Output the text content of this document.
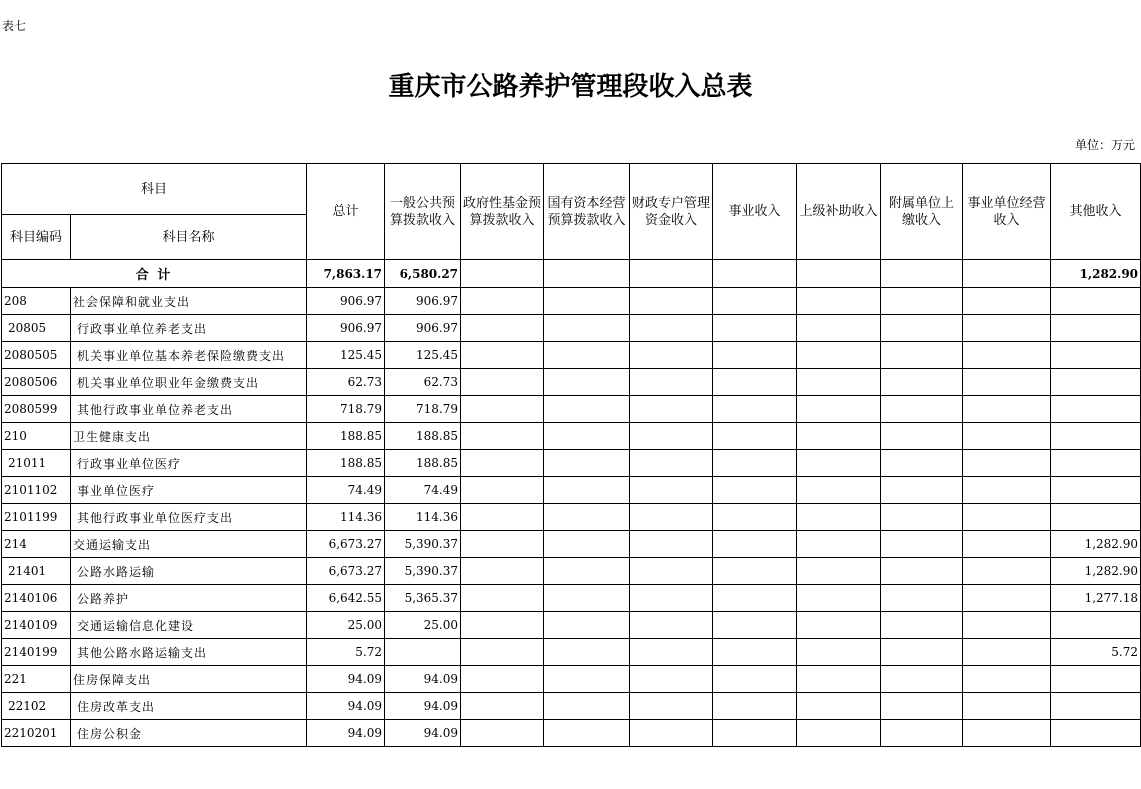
表七
重庆市公路养护管理段收入总表
单位：万元
科目		总计	一般公共预算拨款收入	政府性基金预算拨款收入	国有资本经营预算拨款收入	财政专户管理资金收入	事业收入	上级补助收入	附属单位上缴收入	事业单位经营收入	其他收入
科目编码	科目名称										
合 计		7,863.17	6,580.27								1,282.90
208	社会保障和就业支出	906.97	906.97								
20805	行政事业单位养老支出	906.97	906.97								
2080505	机关事业单位基本养老保险缴费支出	125.45	125.45								
2080506	机关事业单位职业年金缴费支出	62.73	62.73								
2080599	其他行政事业单位养老支出	718.79	718.79								
210	卫生健康支出	188.85	188.85								
21011	行政事业单位医疗	188.85	188.85								
2101102	事业单位医疗	74.49	74.49								
2101199	其他行政事业单位医疗支出	114.36	114.36								
214	交通运输支出	6,673.27	5,390.37								1,282.90
21401	公路水路运输	6,673.27	5,390.37								1,282.90
2140106	公路养护	6,642.55	5,365.37								1,277.18
2140109	交通运输信息化建设	25.00	25.00								
2140199	其他公路水路运输支出	5.72									5.72
221	住房保障支出	94.09	94.09								
22102	住房改革支出	94.09	94.09								
2210201	住房公积金	94.09	94.09								
